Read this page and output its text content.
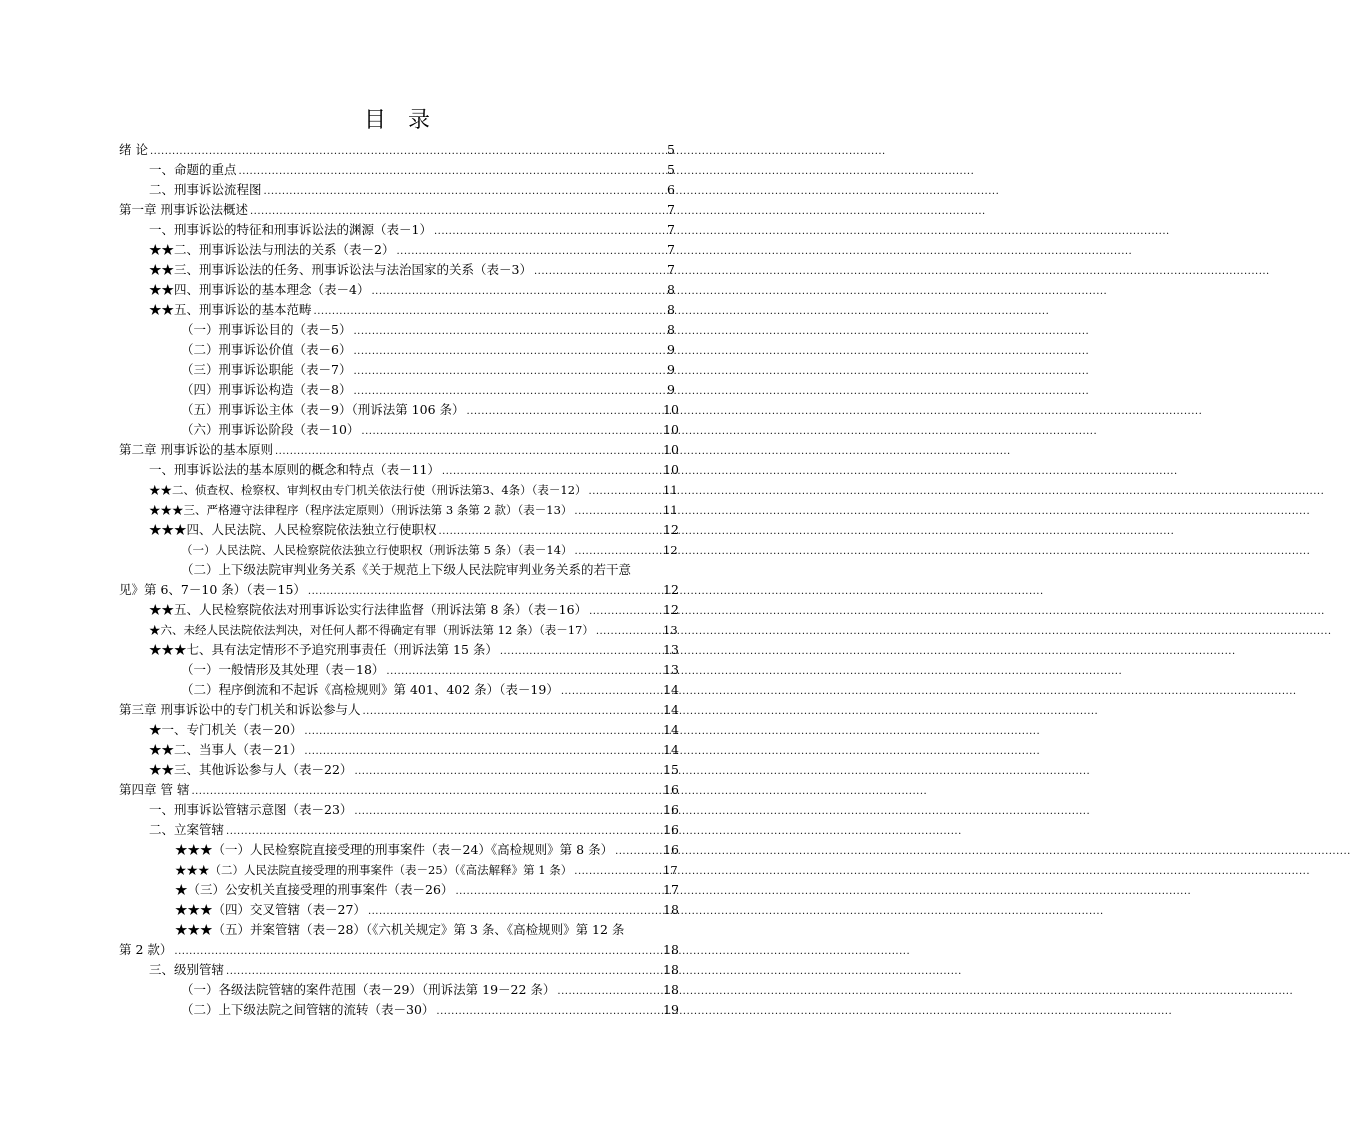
目录
绪 论 .....	5
一、命题的重点 .....	5
二、刑事诉讼流程图 .....	6
第一章 刑事诉讼法概述 .....	7
一、刑事诉讼的特征和刑事诉讼法的渊源（表－1） .....	7
★★二、刑事诉讼法与刑法的关系（表－2） .....	7
★★三、刑事诉讼法的任务、刑事诉讼法与法治国家的关系（表－3） .....	7
★★四、刑事诉讼的基本理念（表－4） .....	8
★★五、刑事诉讼的基本范畴 .....	8
（一）刑事诉讼目的（表－5） .....	8
（二）刑事诉讼价值（表－6） .....	9
（三）刑事诉讼职能（表－7） .....	9
（四）刑事诉讼构造（表－8） .....	9
（五）刑事诉讼主体（表－9）（刑诉法第 106 条） .....	10
（六）刑事诉讼阶段（表－10） .....	10
第二章 刑事诉讼的基本原则 .....	10
一、刑事诉讼法的基本原则的概念和特点（表－11） .....	10
★★二、侦查权、检察权、审判权由专门机关依法行使（刑诉法第3、4条）（表－12） .....	11
★★★三、严格遵守法律程序（程序法定原则）（刑诉法第 3 条第 2 款）（表－13） .....	11
★★★四、人民法院、人民检察院依法独立行使职权 .....	12
（一）人民法院、人民检察院依法独立行使职权（刑诉法第 5 条）（表－14） .....	12
（二）上下级法院审判业务关系《关于规范上下级人民法院审判业务关系的若干意
见》第 6、7－10 条）（表－15） .....	12
★★五、人民检察院依法对刑事诉讼实行法律监督（刑诉法第 8 条）（表－16） .....	12
★六、未经人民法院依法判决，对任何人都不得确定有罪（刑诉法第 12 条）（表－17） .....	13
★★★七、具有法定情形不予追究刑事责任（刑诉法第 15 条） .....	13
（一）一般情形及其处理（表－18） .....	13
（二）程序倒流和不起诉《高检规则》第 401、402 条）（表－19） .....	14
第三章 刑事诉讼中的专门机关和诉讼参与人 .....	14
★一、专门机关（表－20） .....	14
★★二、当事人（表－21） .....	14
★★三、其他诉讼参与人（表－22） .....	15
第四章 管 辖 .....	16
一、刑事诉讼管辖示意图（表－23） .....	16
二、立案管辖 .....	16
★★★（一）人民检察院直接受理的刑事案件（表－24）《高检规则》第 8 条） .....	16
★★★（二）人民法院直接受理的刑事案件（表－25）（《高法解释》第 1 条） .....	17
★（三）公安机关直接受理的刑事案件（表－26） .....	17
★★★（四）交叉管辖（表－27） .....	18
★★★（五）并案管辖（表－28）（《六机关规定》第 3 条、《高检规则》第 12 条
第 2 款） .....	18
三、级别管辖 .....	18
（一）各级法院管辖的案件范围（表－29）（刑诉法第 19－22 条） .....	18
（二）上下级法院之间管辖的流转（表－30） .....	19
